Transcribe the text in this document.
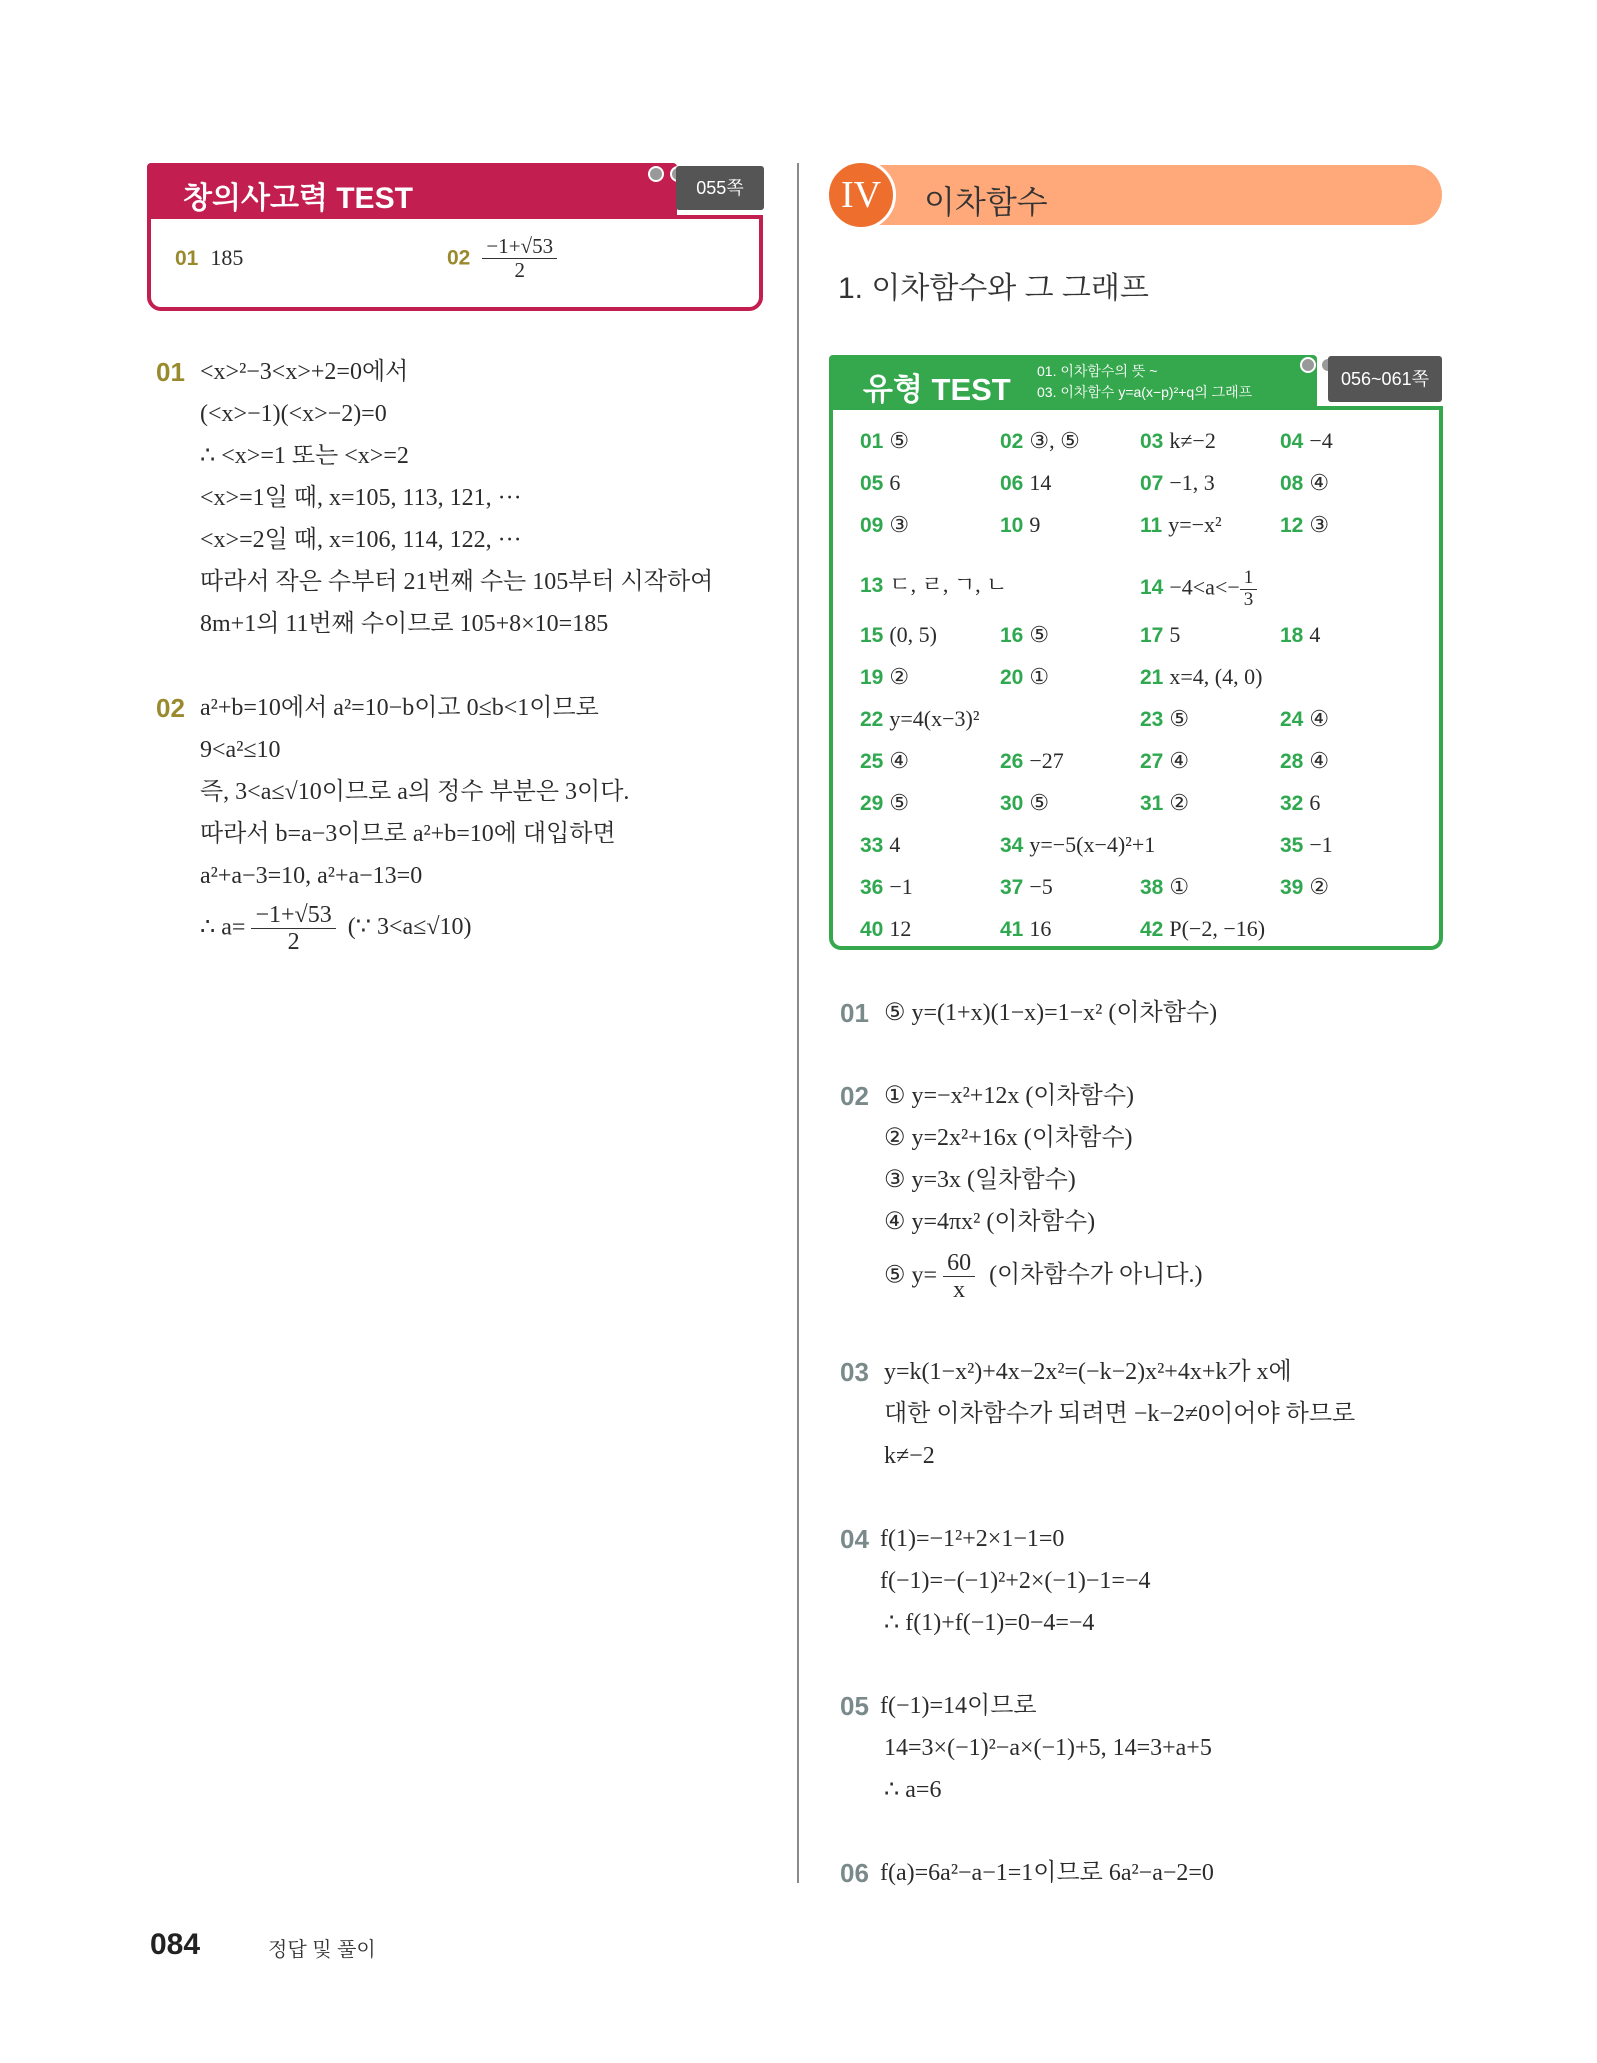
창의사고력 TEST	055쪽
01 185	$02 \frac{-1+√53}{2}$
01 <x>²−3<x>+2=0에서
(<x>−1)(<x>−2)=0
∴ <x>=1 또는 <x>=2
<x>=1일 때, x=105, 113, 121, ···
<x>=2일 때, x=106, 114, 122, ···
따라서 작은 수부터 21번째 수는 105부터 시작하여
8m+1의 11번째 수이므로 105+8×10=185
02 a²+b=10에서 a²=10−b이고 0≤b<1이므로
9<a²≤10
즉, 3<a≤√10이므로 a의 정수 부분은 3이다.
따라서 b=a−3이므로 a²+b=10에 대입하면
a²+a−3=10, a²+a−13=0
∴ $a= \frac{-1+√53}{2}$ (∵ 3<a≤√10)
IV	이차함수
1. 이차함수와 그 그래프
유형 TEST
01. 이차함수의 뜻 ~
03. 이차함수 y=a(x−p)²+q의 그래프
056~061쪽
01 ⑤	02 ③, ⑤	03 k≠−2	04 −4
05 6	06 14	07 −1, 3	08 ④
09 ③	10 9	11 y=−x²	12 ③
13 ㄷ, ㄹ, ㄱ, ㄴ	$14 -4<a<- \frac{1}{3}$
15 (0, 5)	16 ⑤	17 5	18 4
19 ②	20 ①	21 x=4, (4, 0)
22 y=4(x−3)²	23 ⑤	24 ④
25 ④	26 −27	27 ④	28 ④
29 ⑤	30 ⑤	31 ②	32 6
33 4	34 y=−5(x−4)²+1	35 −1
36 −1	37 −5	38 ①	39 ②
40 12	41 16	42 P(−2, −16)
01 ⑤ y=(1+x)(1−x)=1−x² (이차함수)
02 ① y=−x²+12x (이차함수)
② y=2x²+16x (이차함수)
③ y=3x (일차함수)
④ y=4πx² (이차함수)
⑤ $y= \frac{60}{x}$ (이차함수가 아니다.)
03 y=k(1−x²)+4x−2x²=(−k−2)x²+4x+k가 x에
대한 이차함수가 되려면 −k−2≠0이어야 하므로
k≠−2
04 f(1)=−1²+2×1−1=0
f(−1)=−(−1)²+2×(−1)−1=−4
∴ f(1)+f(−1)=0−4=−4
05 f(−1)=14이므로
14=3×(−1)²−a×(−1)+5, 14=3+a+5
∴ a=6
06 f(a)=6a²−a−1=1이므로 6a²−a−2=0
084	정답 및 풀이
